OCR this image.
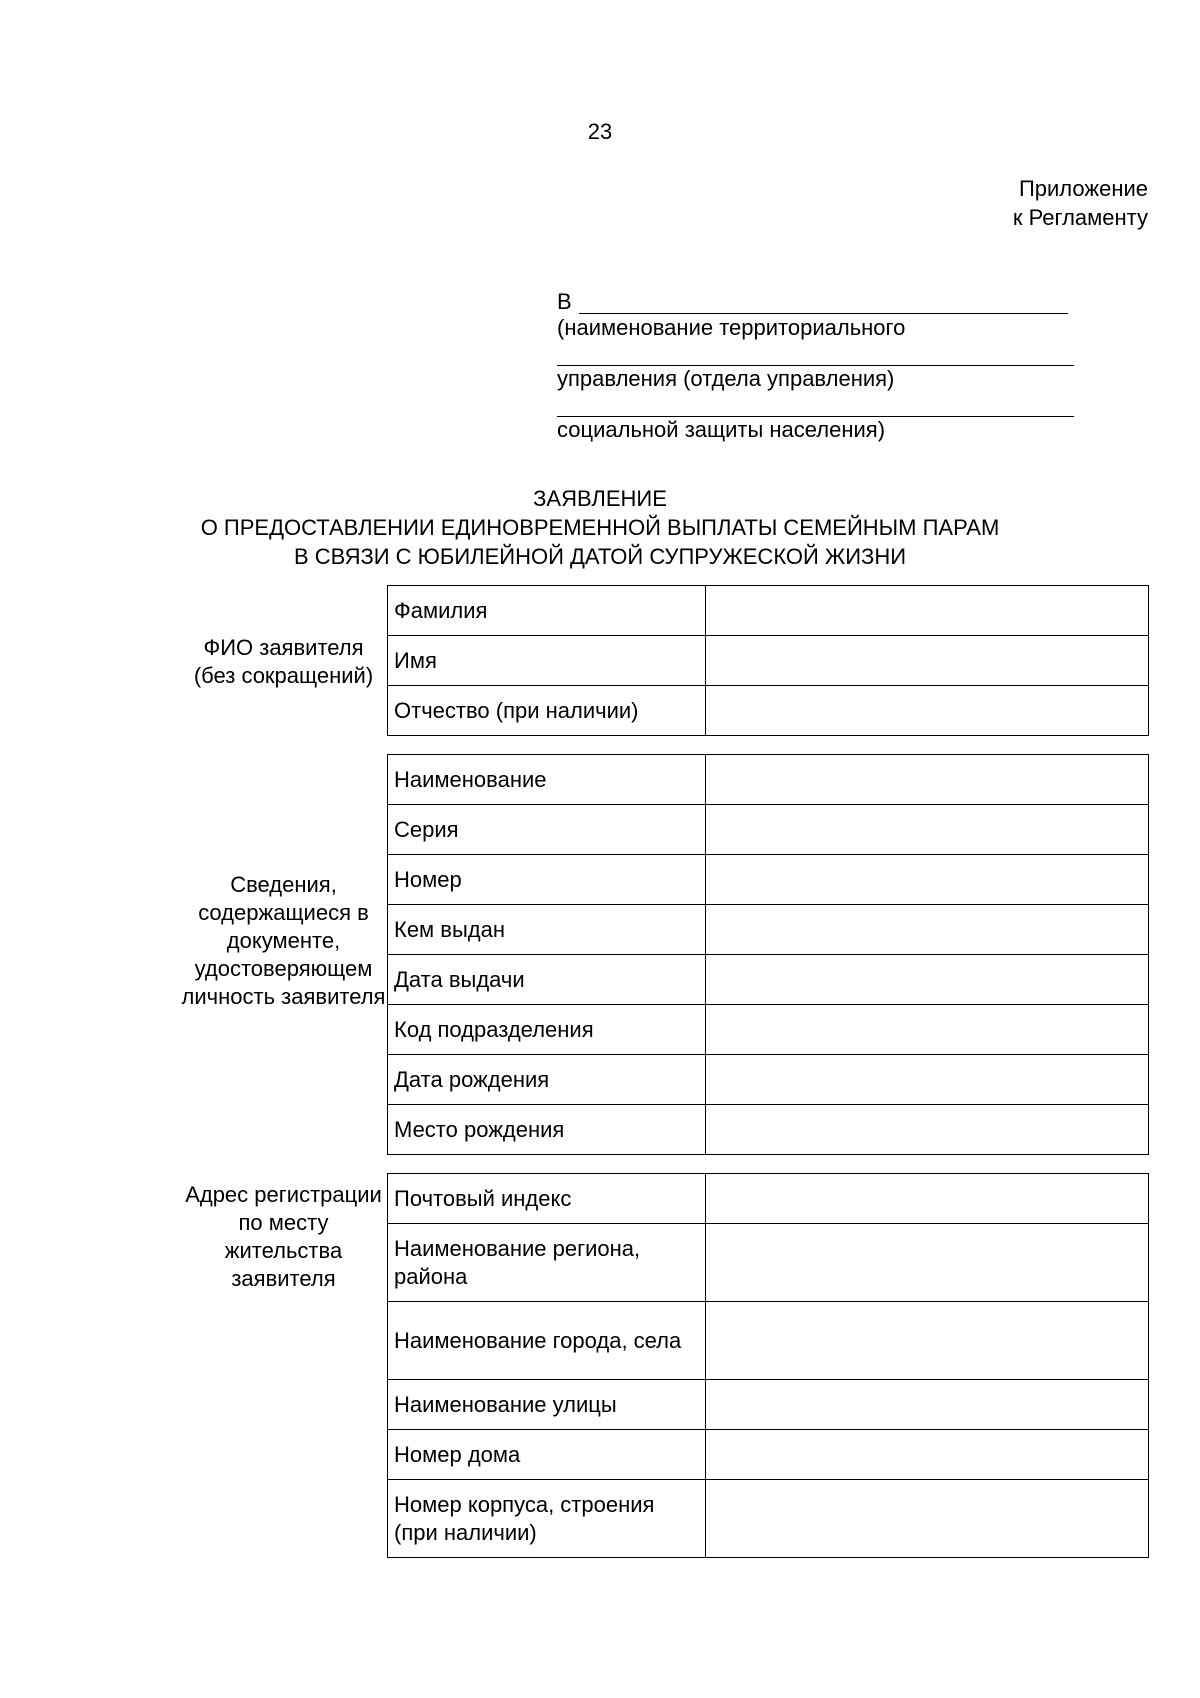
23
Приложение
к Регламенту
В
(наименование территориального
управления (отдела управления)
социальной защиты населения)
ЗАЯВЛЕНИЕ
О ПРЕДОСТАВЛЕНИИ ЕДИНОВРЕМЕННОЙ ВЫПЛАТЫ СЕМЕЙНЫМ ПАРАМ
В СВЯЗИ С ЮБИЛЕЙНОЙ ДАТОЙ СУПРУЖЕСКОЙ ЖИЗНИ
ФИО заявителя (без сокращений)
Фамилия	
Имя	
Отчество (при наличии)	
Сведения, содержащиеся в документе, удостоверяющем личность заявителя
Наименование	
Серия	
Номер	
Кем выдан	
Дата выдачи	
Код подразделения	
Дата рождения	
Место рождения	
Адрес регистрации по месту жительства заявителя
Почтовый индекс	
Наименование региона, района	
Наименование города, села	
Наименование улицы	
Номер дома	
Номер корпуса, строения (при наличии)	
